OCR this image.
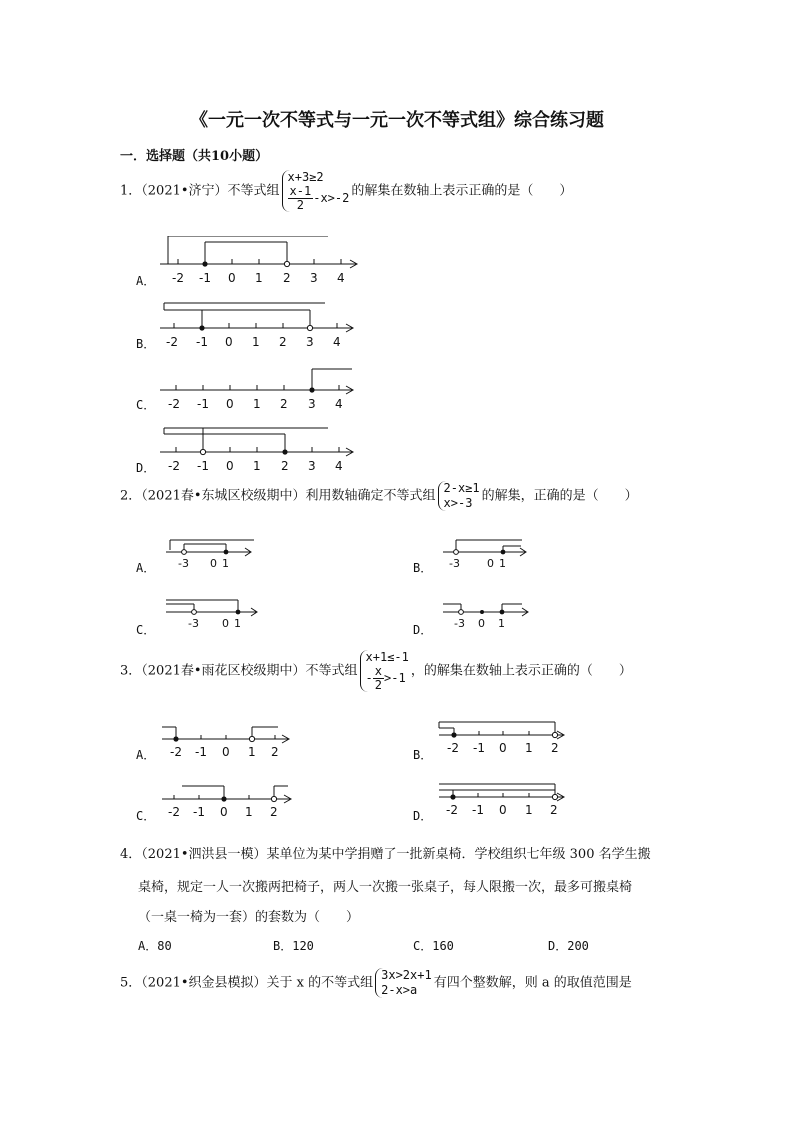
《一元一次不等式与一元一次不等式组》综合练习题
一．选择题（共10小题）
1．（2021•济宁）不等式组
x+3≥2
$\frac{x-1}{2} -x>-2$ 的解集在数轴上表示正确的是（　　）
A． -2 -1 0 1 2 3 4
B． -2 -1 0 1 2 3 4
C． -2 -1 0 1 2 3 4
D． -2 -1 0 1 2 3 4
2．（2021春•东城区校级期中）利用数轴确定不等式组
2-x≥1
x>-3 的解集，正确的是（　　）
A． -3 0 1	B． -3 0 1
C．	-3 0 1	D． -3 0 1
3．（2021春•雨花区校级期中）不等式组
x+1≤-1
- $\frac{x}{2} >-1$ ，的解集在数轴上表示正确的（　　）
A． -2 -1 0 1 2	B． -2 -1 0 1 2
C． -2 -1 0 1 2	D． -2 -1 0 1 2
4．（2021•泗洪县一模）某单位为某中学捐赠了一批新桌椅．学校组织七年级 300 名学生搬
桌椅，规定一人一次搬两把椅子，两人一次搬一张桌子，每人限搬一次，最多可搬桌椅
（一桌一椅为一套）的套数为（　　）
A．80	B．120	C．160	D．200
5．（2021•织金县模拟）关于 x 的不等式组
3x>2x+1
2-x>a	有四个整数解，则 a 的取值范围是
